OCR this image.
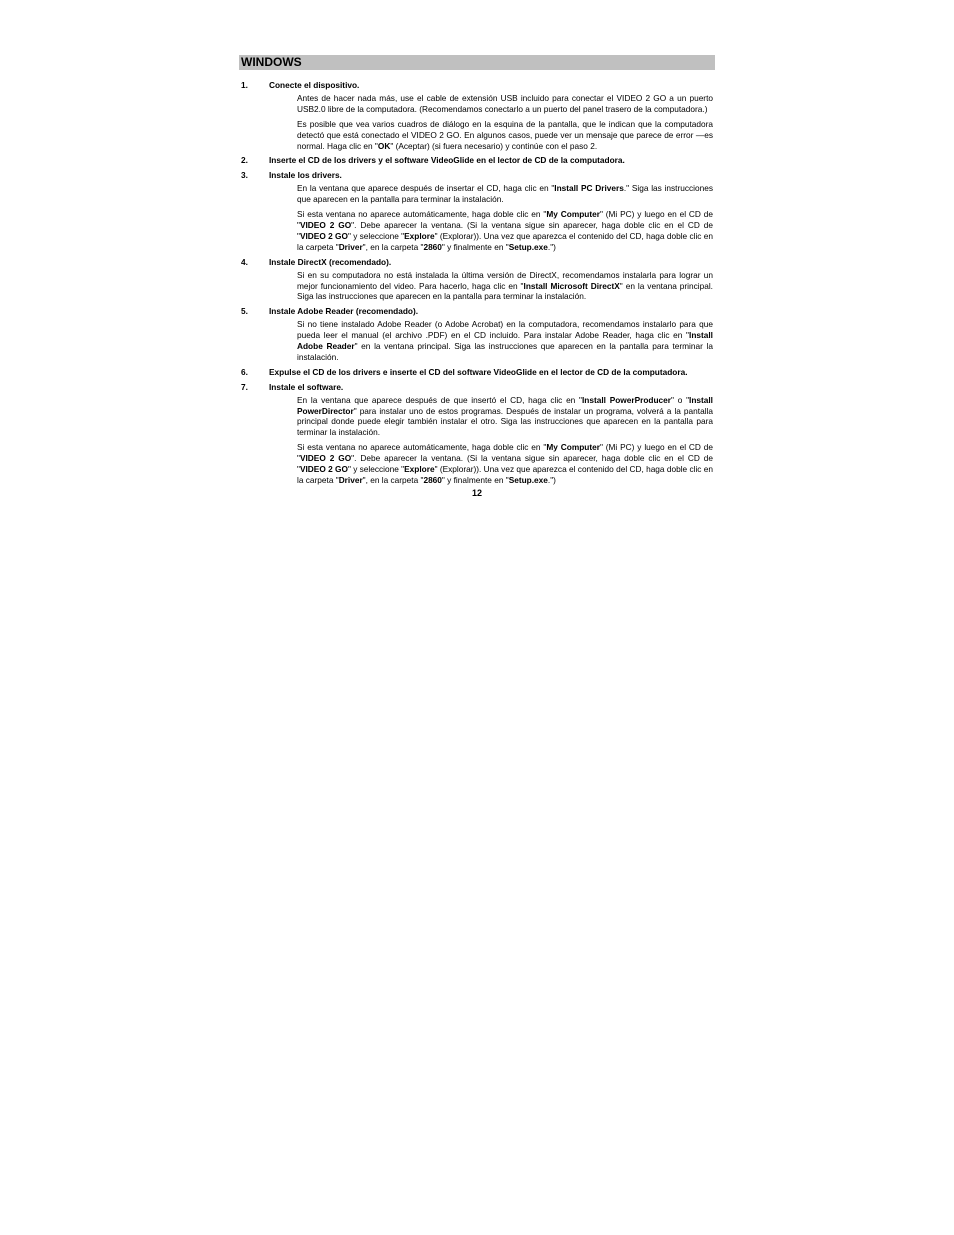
WINDOWS
1.	Conecte el dispositivo.
Antes de hacer nada más, use el cable de extensión USB incluido para conectar el VIDEO 2 GO a un puerto USB2.0 libre de la computadora. (Recomendamos conectarlo a un puerto del panel trasero de la computadora.)
Es posible que vea varios cuadros de diálogo en la esquina de la pantalla, que le indican que la computadora detectó que está conectado el VIDEO 2 GO. En algunos casos, puede ver un mensaje que parece de error —es normal. Haga clic en "OK" (Aceptar) (si fuera necesario) y continúe con el paso 2.
2.	Inserte el CD de los drivers y el software VideoGlide en el lector de CD de la computadora.
3.	Instale los drivers.
En la ventana que aparece después de insertar el CD, haga clic en "Install PC Drivers." Siga las instrucciones que aparecen en la pantalla para terminar la instalación.
Si esta ventana no aparece automáticamente, haga doble clic en "My Computer" (Mi PC) y luego en el CD de "VIDEO 2 GO". Debe aparecer la ventana. (Si la ventana sigue sin aparecer, haga doble clic en el CD de "VIDEO 2 GO" y seleccione "Explore" (Explorar)). Una vez que aparezca el contenido del CD, haga doble clic en la carpeta "Driver", en la carpeta "2860" y finalmente en "Setup.exe.")
4.	Instale DirectX (recomendado).
Si en su computadora no está instalada la última versión de DirectX, recomendamos instalarla para lograr un mejor funcionamiento del video. Para hacerlo, haga clic en "Install Microsoft DirectX" en la ventana principal. Siga las instrucciones que aparecen en la pantalla para terminar la instalación.
5.	Instale Adobe Reader (recomendado).
Si no tiene instalado Adobe Reader (o Adobe Acrobat) en la computadora, recomendamos instalarlo para que pueda leer el manual (el archivo .PDF) en el CD incluido. Para instalar Adobe Reader, haga clic en "Install Adobe Reader" en la ventana principal. Siga las instrucciones que aparecen en la pantalla para terminar la instalación.
6.	Expulse el CD de los drivers e inserte el CD del software VideoGlide en el lector de CD de la computadora.
7.	Instale el software.
En la ventana que aparece después de que insertó el CD, haga clic en "Install PowerProducer" o "Install PowerDirector" para instalar uno de estos programas. Después de instalar un programa, volverá a la pantalla principal donde puede elegir también instalar el otro. Siga las instrucciones que aparecen en la pantalla para terminar la instalación.
Si esta ventana no aparece automáticamente, haga doble clic en "My Computer" (Mi PC) y luego en el CD de "VIDEO 2 GO". Debe aparecer la ventana. (Si la ventana sigue sin aparecer, haga doble clic en el CD de "VIDEO 2 GO" y seleccione "Explore" (Explorar)). Una vez que aparezca el contenido del CD, haga doble clic en la carpeta "Driver", en la carpeta "2860" y finalmente en "Setup.exe.")
12
